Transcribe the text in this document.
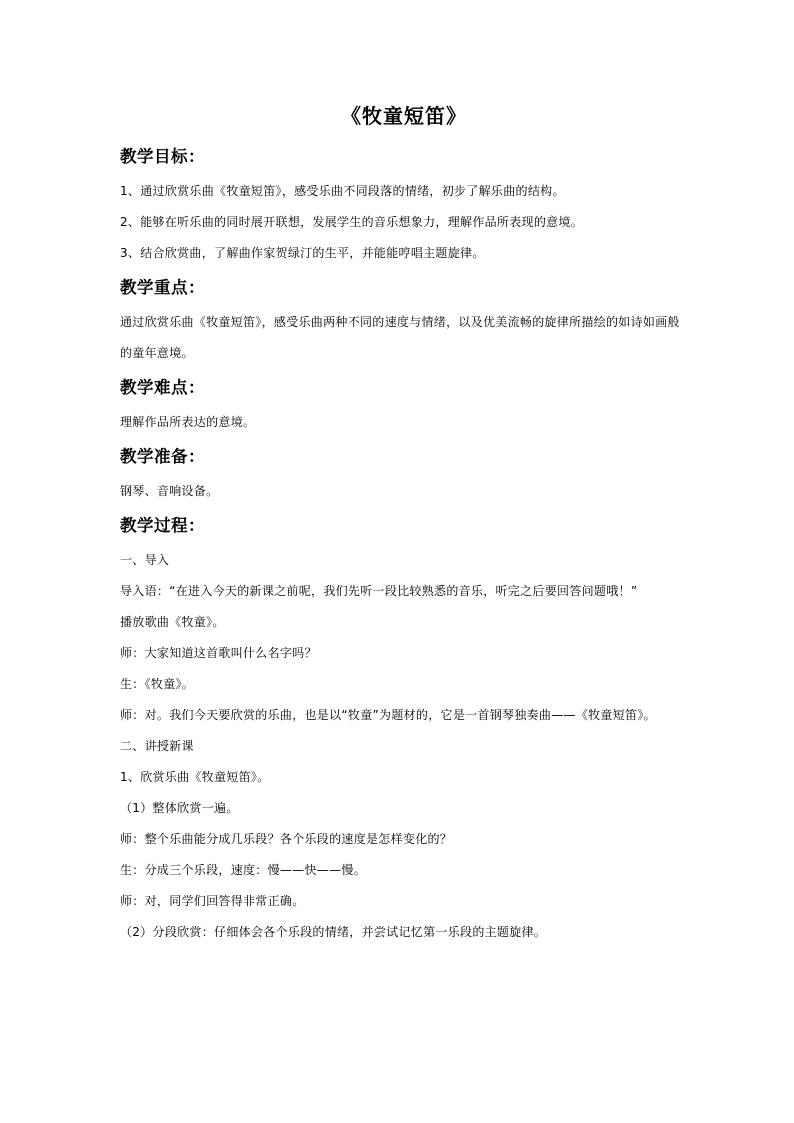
《牧童短笛》
教学目标：

1、通过欣赏乐曲《牧童短笛》，感受乐曲不同段落的情绪，初步了解乐曲的结构。

2、能够在听乐曲的同时展开联想，发展学生的音乐想象力，理解作品所表现的意境。

3、结合欣赏曲，了解曲作家贺绿汀的生平，并能能哼唱主题旋律。

教学重点：

通过欣赏乐曲《牧童短笛》，感受乐曲两种不同的速度与情绪，以及优美流畅的旋律所描绘的如诗如画般的童年意境。

教学难点：

理解作品所表达的意境。

教学准备：

钢琴、音响设备。

教学过程：

一、导入

导入语：“在进入今天的新课之前呢，我们先听一段比较熟悉的音乐，听完之后要回答问题哦！”

播放歌曲《牧童》。

师：大家知道这首歌叫什么名字吗？

生：《牧童》。

师：对。我们今天要欣赏的乐曲，也是以“牧童”为题材的，它是一首钢琴独奏曲——《牧童短笛》。

二、讲授新课

1、欣赏乐曲《牧童短笛》。

（1）整体欣赏一遍。

师：整个乐曲能分成几乐段？各个乐段的速度是怎样变化的？

生：分成三个乐段，速度：慢——快——慢。

师：对，同学们回答得非常正确。

（2）分段欣赏：仔细体会各个乐段的情绪，并尝试记忆第一乐段的主题旋律。
